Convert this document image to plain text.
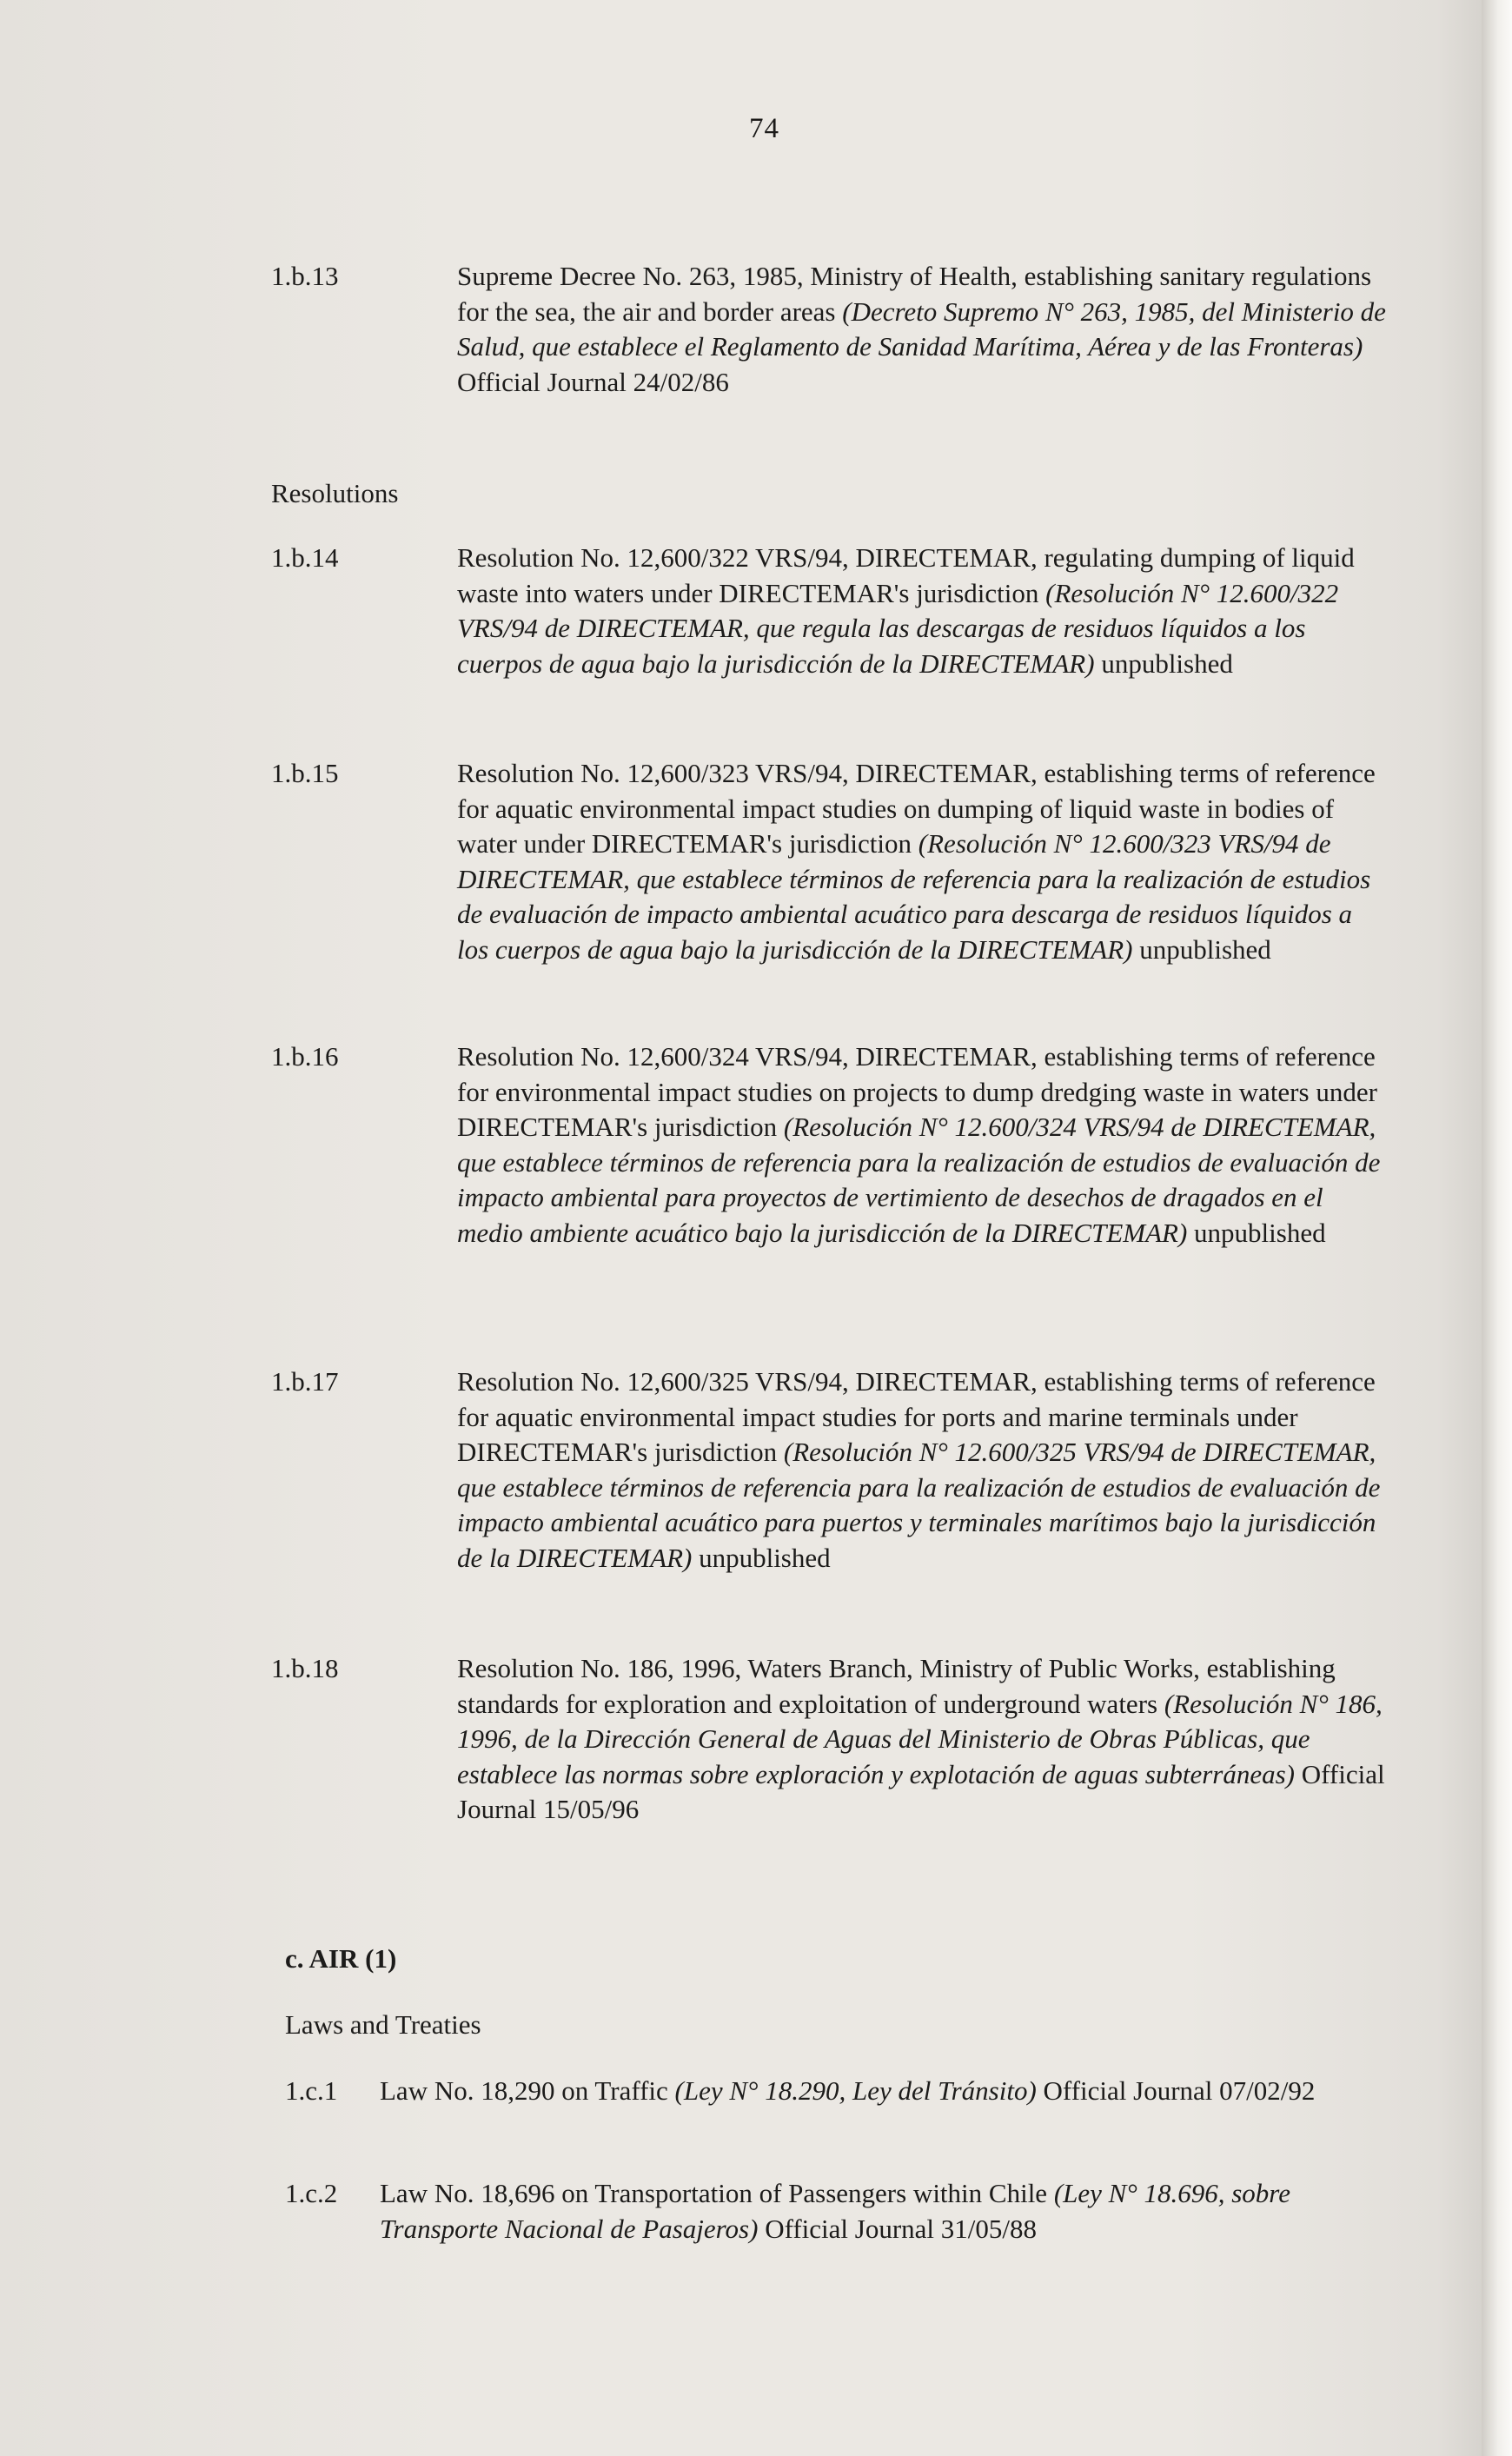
74
1.b.13	Supreme Decree No. 263, 1985, Ministry of Health, establishing sanitary regulations for the sea, the air and border areas (Decreto Supremo N° 263, 1985, del Ministerio de Salud, que establece el Reglamento de Sanidad Marítima, Aérea y de las Fronteras) Official Journal 24/02/86
Resolutions
1.b.14	Resolution No. 12,600/322 VRS/94, DIRECTEMAR, regulating dumping of liquid waste into waters under DIRECTEMAR's jurisdiction (Resolución N° 12.600/322 VRS/94 de DIRECTEMAR, que regula las descargas de residuos líquidos a los cuerpos de agua bajo la jurisdicción de la DIRECTEMAR) unpublished
1.b.15	Resolution No. 12,600/323 VRS/94, DIRECTEMAR, establishing terms of reference for aquatic environmental impact studies on dumping of liquid waste in bodies of water under DIRECTEMAR's jurisdiction (Resolución N° 12.600/323 VRS/94 de DIRECTEMAR, que establece términos de referencia para la realización de estudios de evaluación de impacto ambiental acuático para descarga de residuos líquidos a los cuerpos de agua bajo la jurisdicción de la DIRECTEMAR) unpublished
1.b.16	Resolution No. 12,600/324 VRS/94, DIRECTEMAR, establishing terms of reference for environmental impact studies on projects to dump dredging waste in waters under DIRECTEMAR's jurisdiction (Resolución N° 12.600/324 VRS/94 de DIRECTEMAR, que establece términos de referencia para la realización de estudios de evaluación de impacto ambiental para proyectos de vertimiento de desechos de dragados en el medio ambiente acuático bajo la jurisdicción de la DIRECTEMAR) unpublished
1.b.17	Resolution No. 12,600/325 VRS/94, DIRECTEMAR, establishing terms of reference for aquatic environmental impact studies for ports and marine terminals under DIRECTEMAR's jurisdiction (Resolución N° 12.600/325 VRS/94 de DIRECTEMAR, que establece términos de referencia para la realización de estudios de evaluación de impacto ambiental acuático para puertos y terminales marítimos bajo la jurisdicción de la DIRECTEMAR) unpublished
1.b.18	Resolution No. 186, 1996, Waters Branch, Ministry of Public Works, establishing standards for exploration and exploitation of underground waters (Resolución N° 186, 1996, de la Dirección General de Aguas del Ministerio de Obras Públicas, que establece las normas sobre exploración y explotación de aguas subterráneas) Official Journal 15/05/96
c. AIR (1)
Laws and Treaties
1.c.1 Law No. 18,290 on Traffic (Ley N° 18.290, Ley del Tránsito) Official Journal 07/02/92
1.c.2 Law No. 18,696 on Transportation of Passengers within Chile (Ley N° 18.696, sobre Transporte Nacional de Pasajeros) Official Journal 31/05/88
